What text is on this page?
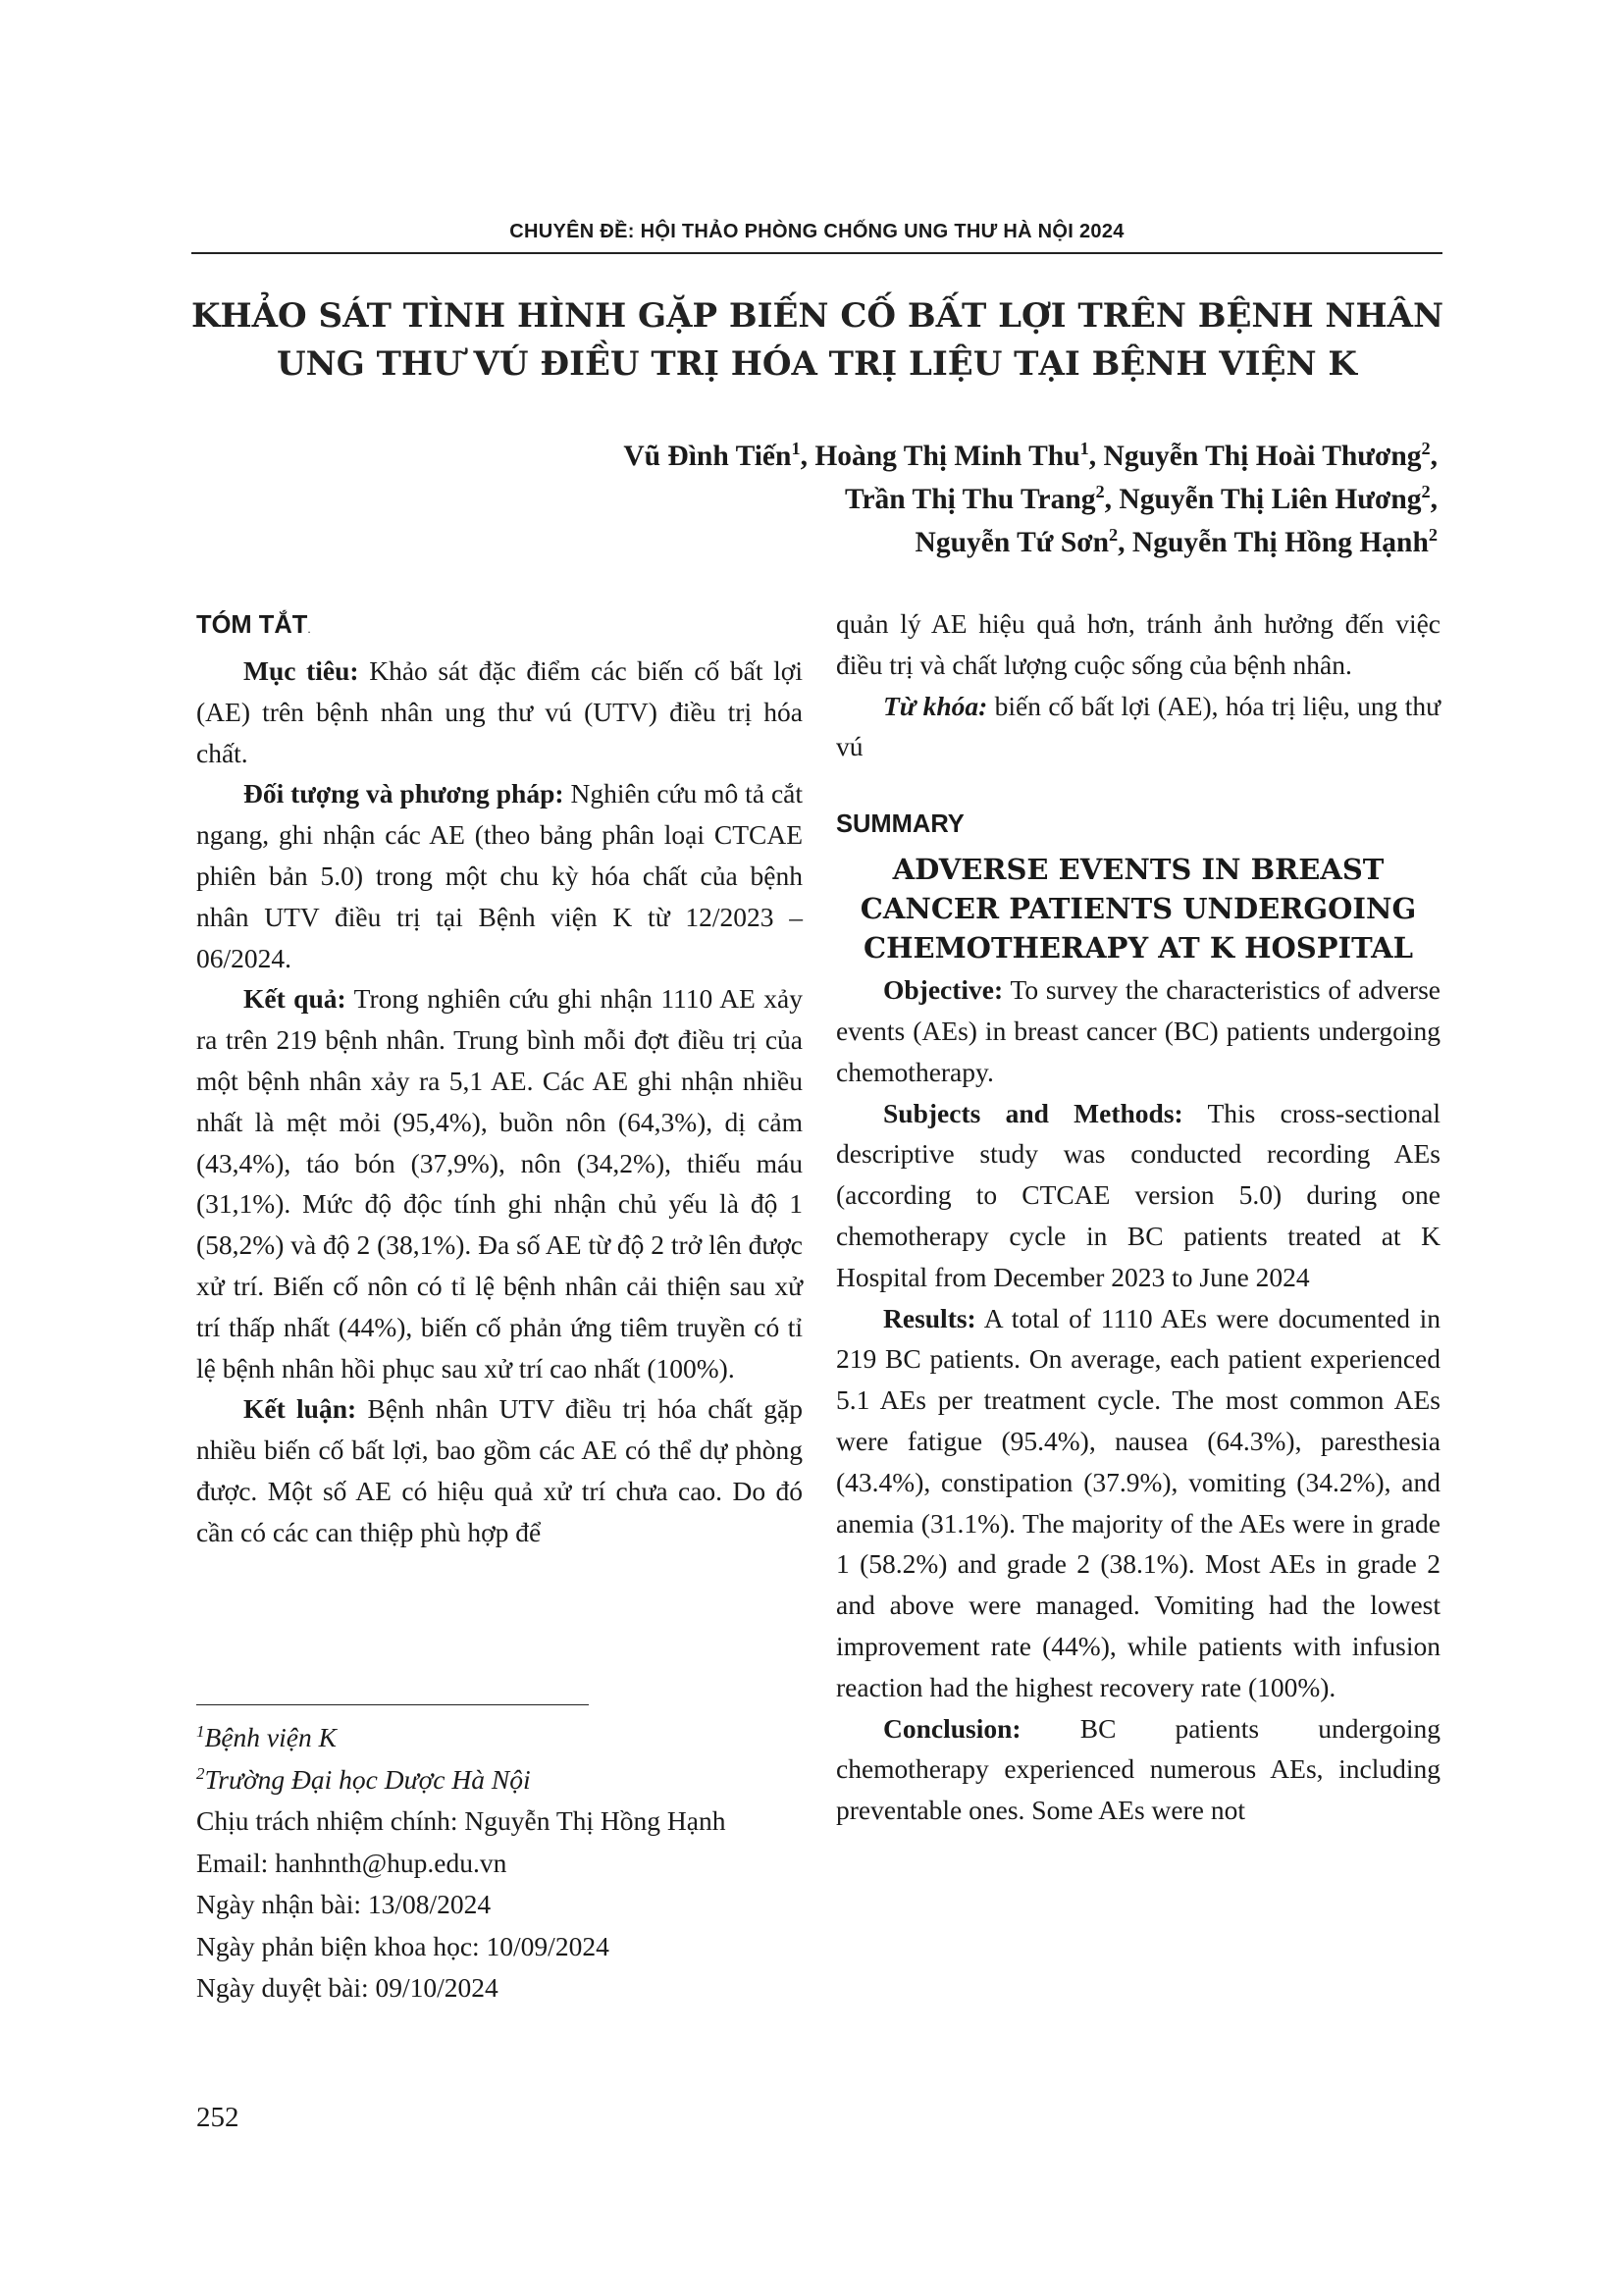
CHUYÊN ĐỀ: HỘI THẢO PHÒNG CHỐNG UNG THƯ HÀ NỘI 2024
KHẢO SÁT TÌNH HÌNH GẶP BIẾN CỐ BẤT LỢI TRÊN BỆNH NHÂN
UNG THƯ VÚ ĐIỀU TRỊ HÓA TRỊ LIỆU TẠI BỆNH VIỆN K
Vũ Đình Tiến$^1$, Hoàng Thị Minh Thu$^1$, Nguyễn Thị Hoài Thương$^2$,
Trần Thị Thu Trang$^2$, Nguyễn Thị Liên Hương$^2$,
Nguyễn Tứ Sơn$^2$, Nguyễn Thị Hồng Hạnh$^2$
TÓM TẮT.

Mục tiêu: Khảo sát đặc điểm các biến cố bất lợi (AE) trên bệnh nhân ung thư vú (UTV) điều trị hóa chất.

Đối tượng và phương pháp: Nghiên cứu mô tả cắt ngang, ghi nhận các AE (theo bảng phân loại CTCAE phiên bản 5.0) trong một chu kỳ hóa chất của bệnh nhân UTV điều trị tại Bệnh viện K từ 12/2023 – 06/2024.

Kết quả: Trong nghiên cứu ghi nhận 1110 AE xảy ra trên 219 bệnh nhân. Trung bình mỗi đợt điều trị của một bệnh nhân xảy ra 5,1 AE. Các AE ghi nhận nhiều nhất là mệt mỏi (95,4%), buồn nôn (64,3%), dị cảm (43,4%), táo bón (37,9%), nôn (34,2%), thiếu máu (31,1%). Mức độ độc tính ghi nhận chủ yếu là độ 1 (58,2%) và độ 2 (38,1%). Đa số AE từ độ 2 trở lên được xử trí. Biến cố nôn có tỉ lệ bệnh nhân cải thiện sau xử trí thấp nhất (44%), biến cố phản ứng tiêm truyền có tỉ lệ bệnh nhân hồi phục sau xử trí cao nhất (100%).

Kết luận: Bệnh nhân UTV điều trị hóa chất gặp nhiều biến cố bất lợi, bao gồm các AE có thể dự phòng được. Một số AE có hiệu quả xử trí chưa cao. Do đó cần có các can thiệp phù hợp để

quản lý AE hiệu quả hơn, tránh ảnh hưởng đến việc điều trị và chất lượng cuộc sống của bệnh nhân.

Từ khóa: biến cố bất lợi (AE), hóa trị liệu, ung thư vú

SUMMARY
ADVERSE EVENTS IN BREAST
CANCER PATIENTS UNDERGOING
CHEMOTHERAPY AT K HOSPITAL

Objective: To survey the characteristics of adverse events (AEs) in breast cancer (BC) patients undergoing chemotherapy.

Subjects and Methods: This cross-sectional descriptive study was conducted recording AEs (according to CTCAE version 5.0) during one chemotherapy cycle in BC patients treated at K Hospital from December 2023 to June 2024

Results: A total of 1110 AEs were documented in 219 BC patients. On average, each patient experienced 5.1 AEs per treatment cycle. The most common AEs were fatigue (95.4%), nausea (64.3%), paresthesia (43.4%), constipation (37.9%), vomiting (34.2%), and anemia (31.1%). The majority of the AEs were in grade 1 (58.2%) and grade 2 (38.1%). Most AEs in grade 2 and above were managed. Vomiting had the lowest improvement rate (44%), while patients with infusion reaction had the highest recovery rate (100%).

Conclusion: BC patients undergoing chemotherapy experienced numerous AEs, including preventable ones. Some AEs were not

$^1$Bệnh viện K
$^2$Trường Đại học Dược Hà Nội
Chịu trách nhiệm chính: Nguyễn Thị Hồng Hạnh
Email: hanhnth@hup.edu.vn
Ngày nhận bài: 13/08/2024
Ngày phản biện khoa học: 10/09/2024
Ngày duyệt bài: 09/10/2024
252
